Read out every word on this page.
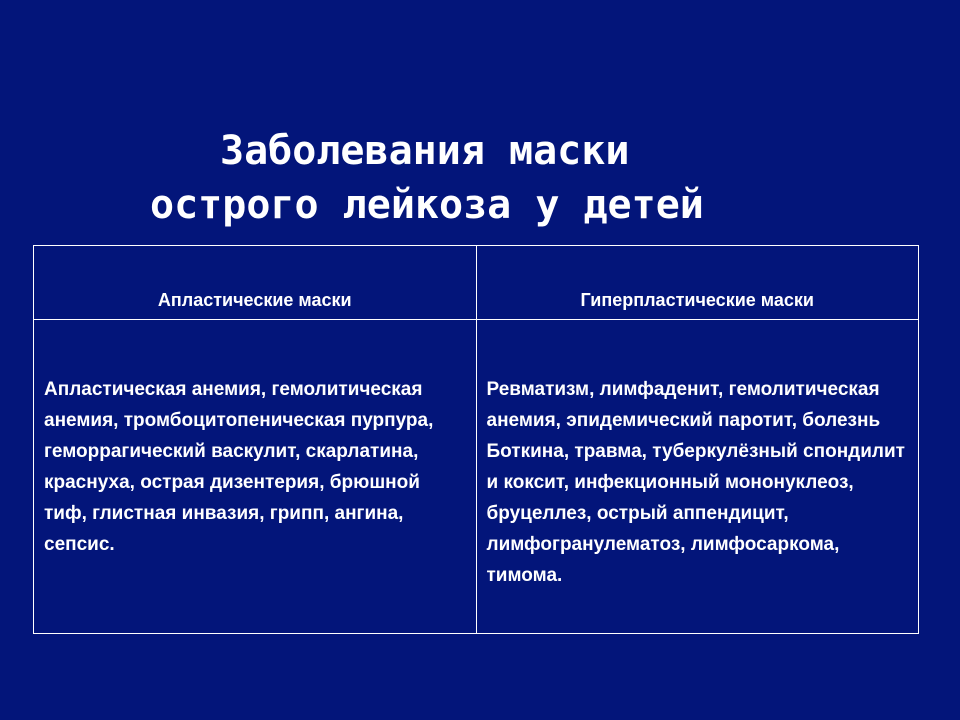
Заболевания маски
острого лейкоза у детей
Апластические маски	Гиперпластические маски
Апластическая анемия, гемолитическая анемия, тромбоцитопеническая пурпура, геморрагический васкулит, скарлатина, краснуха, острая дизентерия, брюшной тиф, глистная инвазия, грипп, ангина, сепсис.	Ревматизм, лимфаденит, гемолитическая анемия, эпидемический паротит, болезнь Боткина, травма, туберкулёзный спондилит и коксит, инфекционный мононуклеоз, бруцеллез, острый аппендицит, лимфогранулематоз, лимфосаркома, тимома.
